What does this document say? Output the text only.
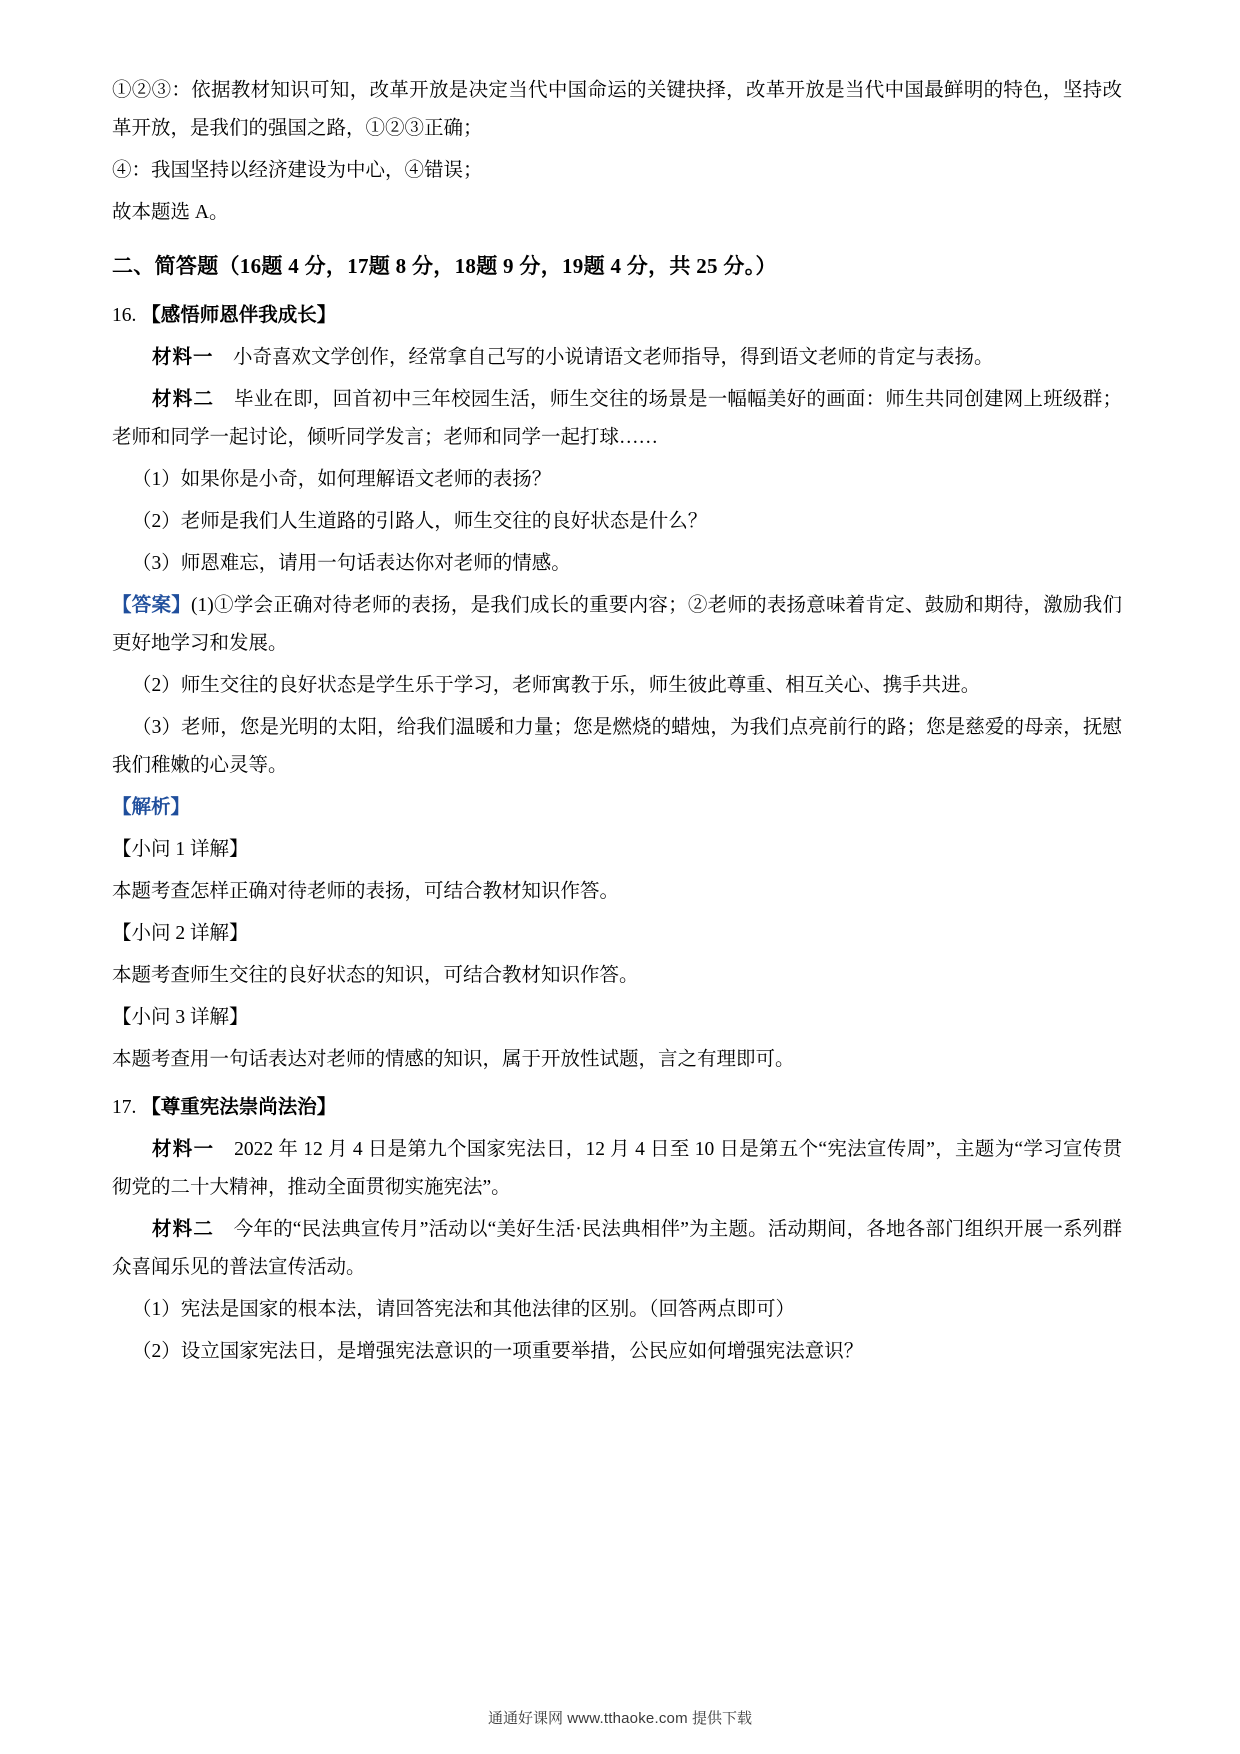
①②③：依据教材知识可知，改革开放是决定当代中国命运的关键抉择，改革开放是当代中国最鲜明的特色，坚持改革开放，是我们的强国之路，①②③正确；

④：我国坚持以经济建设为中心，④错误；

故本题选 A。

二、简答题（16题 4 分，17题 8 分，18题 9 分，19题 4 分，共 25 分。）

16. 【感悟师恩伴我成长】

材料一　 小奇喜欢文学创作，经常拿自己写的小说请语文老师指导，得到语文老师的肯定与表扬。

材料二　 毕业在即，回首初中三年校园生活，师生交往的场景是一幅幅美好的画面：师生共同创建网上班级群；老师和同学一起讨论，倾听同学发言；老师和同学一起打球……

（1）如果你是小奇，如何理解语文老师的表扬？

（2）老师是我们人生道路的引路人，师生交往的良好状态是什么？

（3）师恩难忘，请用一句话表达你对老师的情感。

【答案】(1)①学会正确对待老师的表扬，是我们成长的重要内容；②老师的表扬意味着肯定、鼓励和期待，激励我们更好地学习和发展。

（2）师生交往的良好状态是学生乐于学习，老师寓教于乐，师生彼此尊重、相互关心、携手共进。

（3）老师，您是光明的太阳，给我们温暖和力量；您是燃烧的蜡烛，为我们点亮前行的路；您是慈爱的母亲，抚慰我们稚嫩的心灵等。

【解析】

【小问 1 详解】

本题考查怎样正确对待老师的表扬，可结合教材知识作答。

【小问 2 详解】

本题考查师生交往的良好状态的知识，可结合教材知识作答。

【小问 3 详解】

本题考查用一句话表达对老师的情感的知识，属于开放性试题，言之有理即可。

17. 【尊重宪法崇尚法治】

材料一　 2022 年 12 月 4 日是第九个国家宪法日，12 月 4 日至 10 日是第五个“宪法宣传周”，主题为“学习宣传贯彻党的二十大精神，推动全面贯彻实施宪法”。

材料二　 今年的“民法典宣传月”活动以“美好生活·民法典相伴”为主题。活动期间，各地各部门组织开展一系列群众喜闻乐见的普法宣传活动。

（1）宪法是国家的根本法，请回答宪法和其他法律的区别。（回答两点即可）

（2）设立国家宪法日，是增强宪法意识的一项重要举措，公民应如何增强宪法意识？

通通好课网 www.tthaoke.com 提供下载
